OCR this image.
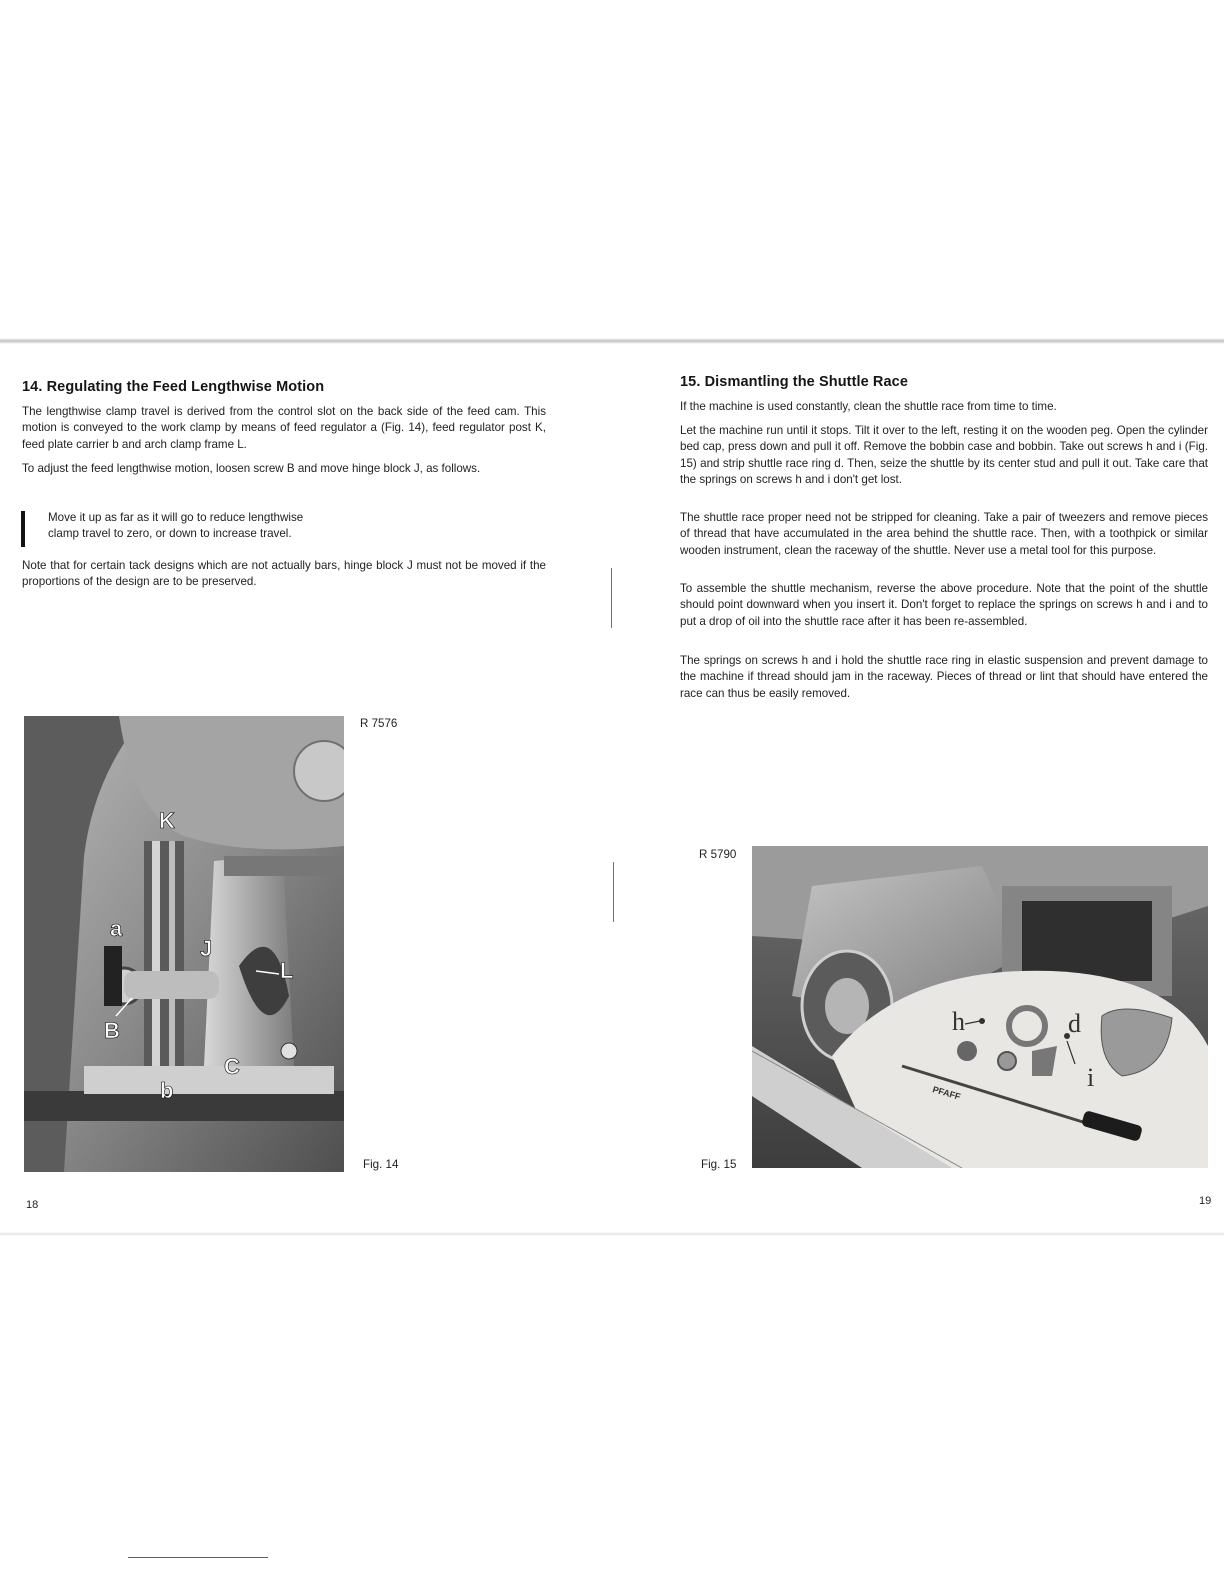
14. Regulating the Feed Lengthwise Motion

The lengthwise clamp travel is derived from the control slot on the back side of the feed cam. This motion is conveyed to the work clamp by means of feed regulator a (Fig. 14), feed regulator post K, feed plate carrier b and arch clamp frame L.

To adjust the feed lengthwise motion, loosen screw B and move hinge block J, as follows.

Move it up as far as it will go to reduce lengthwise

clamp travel to zero, or down to increase travel.

Note that for certain tack designs which are not actually bars, hinge block J must not be moved if the proportions of the design are to be preserved.

K
a
J
L
B
C
b
R 7576
Fig. 14
18
15. Dismantling the Shuttle Race

If the machine is used constantly, clean the shuttle race from time to time.

Let the machine run until it stops. Tilt it over to the left, resting it on the wooden peg. Open the cylinder bed cap, press down and pull it off. Remove the bobbin case and bobbin. Take out screws h and i (Fig. 15) and strip shuttle race ring d. Then, seize the shuttle by its center stud and pull it out. Take care that the springs on screws h and i don't get lost.

The shuttle race proper need not be stripped for cleaning. Take a pair of tweezers and remove pieces of thread that have accumulated in the area behind the shuttle race. Then, with a toothpick or similar wooden instrument, clean the raceway of the shuttle. Never use a metal tool for this purpose.

To assemble the shuttle mechanism, reverse the above procedure. Note that the point of the shuttle should point downward when you insert it. Don't forget to replace the springs on screws h and i and to put a drop of oil into the shuttle race after it has been re-assembled.

The springs on screws h and i hold the shuttle race ring in elastic suspension and prevent damage to the machine if thread should jam in the raceway. Pieces of thread or lint that should have entered the race can thus be easily removed.

R 5790
PFAFF
h	d
i
Fig. 15
19
